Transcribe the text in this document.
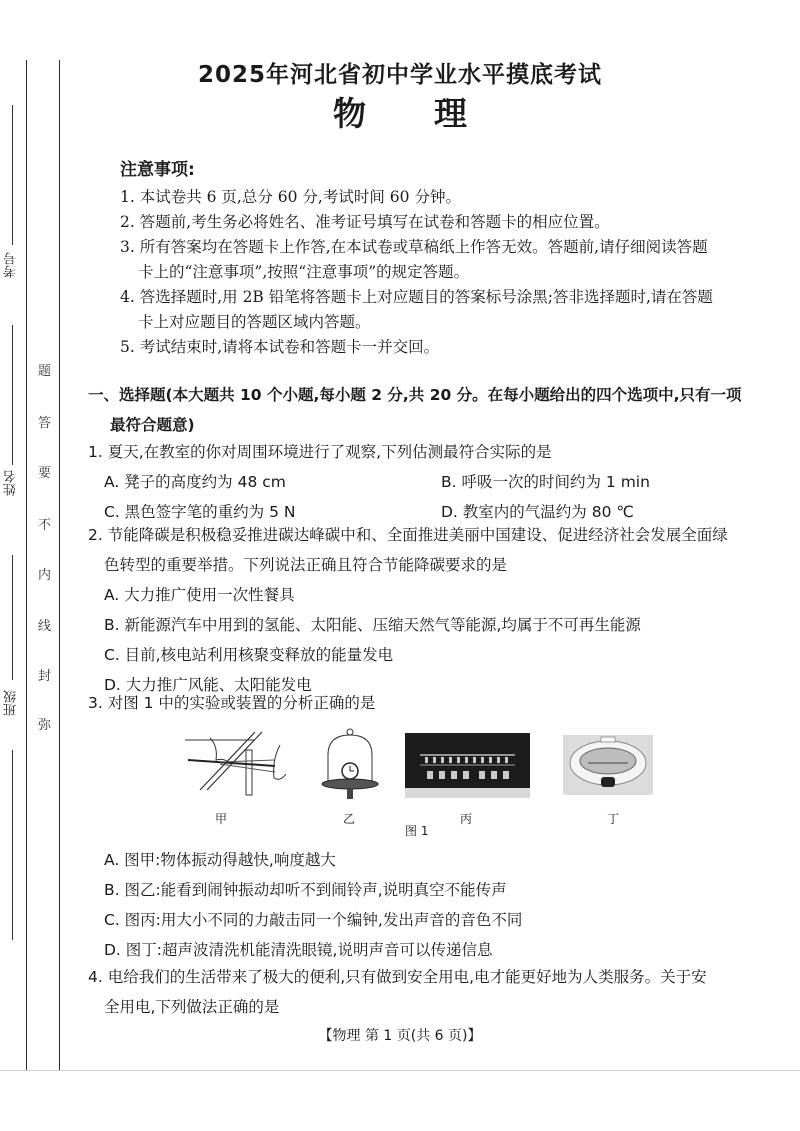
考号
姓名
班级
题
答
要
不
内
线
封
弥
2025年河北省初中学业水平摸底考试
物 理
注意事项:
1. 本试卷共 6 页,总分 60 分,考试时间 60 分钟。
2. 答题前,考生务必将姓名、准考证号填写在试卷和答题卡的相应位置。
3. 所有答案均在答题卡上作答,在本试卷或草稿纸上作答无效。答题前,请仔细阅读答题
卡上的“注意事项”,按照“注意事项”的规定答题。
4. 答选择题时,用 2B 铅笔将答题卡上对应题目的答案标号涂黑;答非选择题时,请在答题
卡上对应题目的答题区域内答题。
5. 考试结束时,请将本试卷和答题卡一并交回。
一、选择题(本大题共 10 个小题,每小题 2 分,共 20 分。在每小题给出的四个选项中,只有一项
最符合题意)
1. 夏天,在教室的你对周围环境进行了观察,下列估测最符合实际的是
A. 凳子的高度约为 48 cm	B. 呼吸一次的时间约为 1 min
C. 黑色签字笔的重约为 5 N	D. 教室内的气温约为 80 ℃
2. 节能降碳是积极稳妥推进碳达峰碳中和、全面推进美丽中国建设、促进经济社会发展全面绿
色转型的重要举措。下列说法正确且符合节能降碳要求的是
A. 大力推广使用一次性餐具
B. 新能源汽车中用到的氢能、太阳能、压缩天然气等能源,均属于不可再生能源
C. 目前,核电站利用核聚变释放的能量发电
D. 大力推广风能、太阳能发电
3. 对图 1 中的实验或装置的分析正确的是
甲	乙	丙	丁
图 1
A. 图甲:物体振动得越快,响度越大
B. 图乙:能看到闹钟振动却听不到闹铃声,说明真空不能传声
C. 图丙:用大小不同的力敲击同一个编钟,发出声音的音色不同
D. 图丁:超声波清洗机能清洗眼镜,说明声音可以传递信息
4. 电给我们的生活带来了极大的便利,只有做到安全用电,电才能更好地为人类服务。关于安
全用电,下列做法正确的是
【物理 第 1 页(共 6 页)】
